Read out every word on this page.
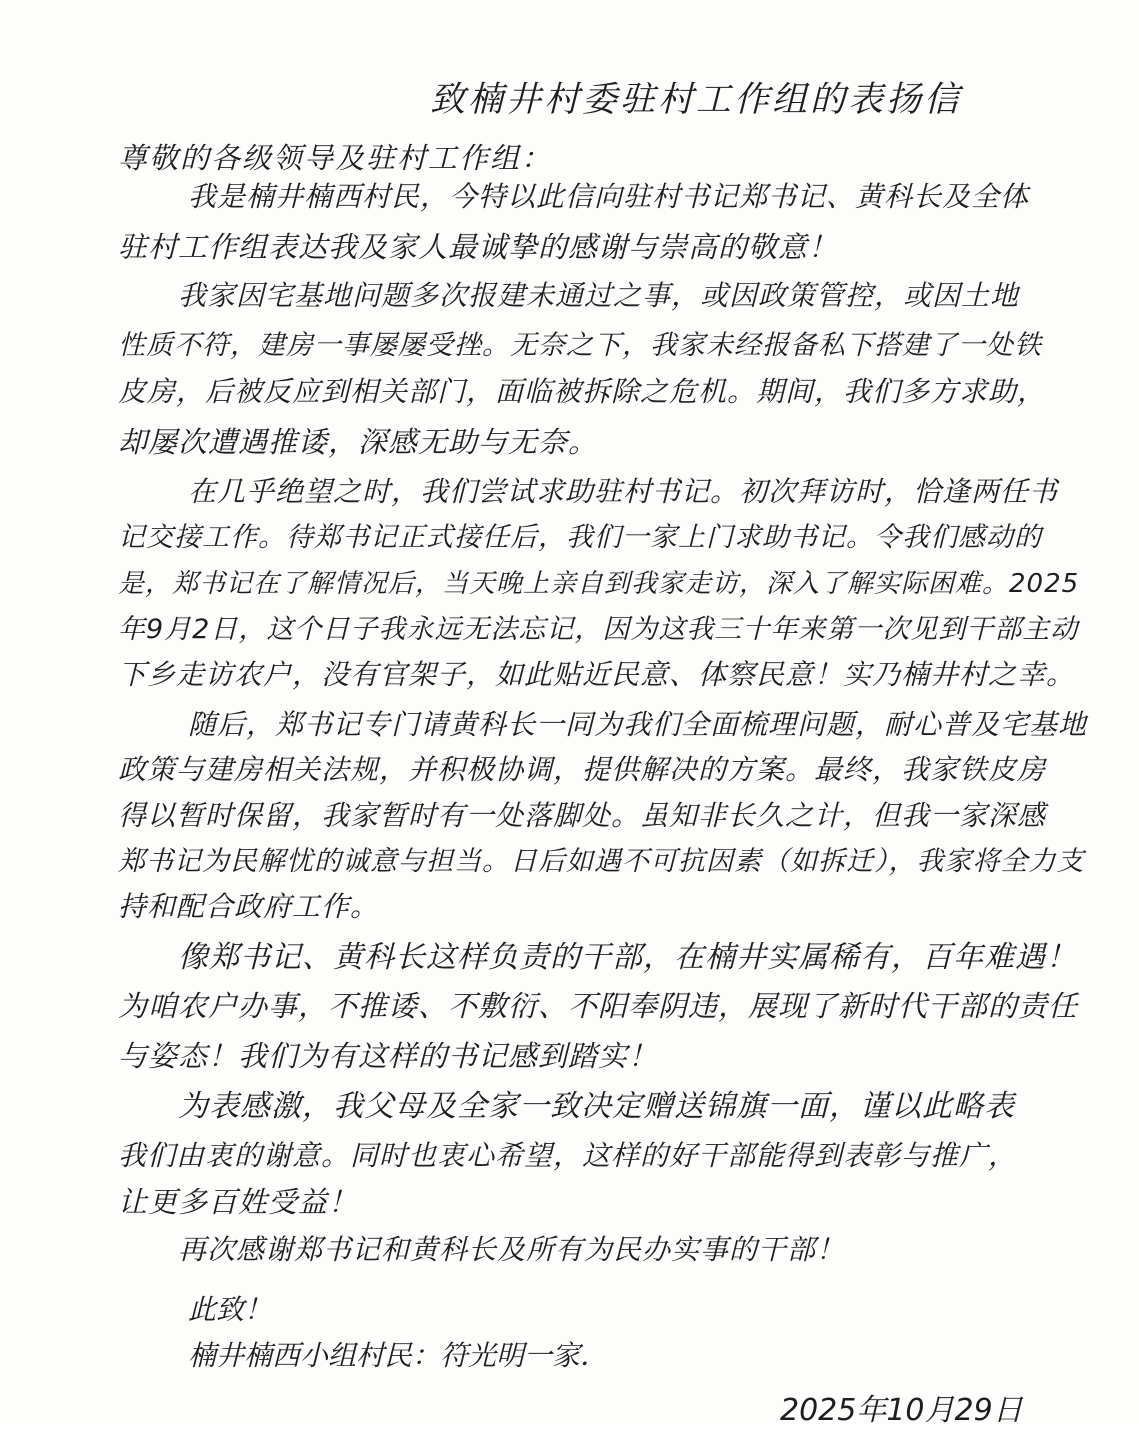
致楠井村委驻村工作组的表扬信
尊敬的各级领导及驻村工作组：
我是楠井楠西村民，今特以此信向驻村书记郑书记、黄科长及全体
驻村工作组表达我及家人最诚挚的感谢与崇高的敬意！
我家因宅基地问题多次报建未通过之事，或因政策管控，或因土地
性质不符，建房一事屡屡受挫。无奈之下，我家未经报备私下搭建了一处铁
皮房，后被反应到相关部门，面临被拆除之危机。期间，我们多方求助，
却屡次遭遇推诿，深感无助与无奈。
在几乎绝望之时，我们尝试求助驻村书记。初次拜访时，恰逢两任书
记交接工作。待郑书记正式接任后，我们一家上门求助书记。令我们感动的
是，郑书记在了解情况后，当天晚上亲自到我家走访，深入了解实际困难。2025
年9月2日，这个日子我永远无法忘记，因为这我三十年来第一次见到干部主动
下乡走访农户，没有官架子，如此贴近民意、体察民意！实乃楠井村之幸。
随后，郑书记专门请黄科长一同为我们全面梳理问题，耐心普及宅基地
政策与建房相关法规，并积极协调，提供解决的方案。最终，我家铁皮房
得以暂时保留，我家暂时有一处落脚处。虽知非长久之计，但我一家深感
郑书记为民解忧的诚意与担当。日后如遇不可抗因素（如拆迁），我家将全力支
持和配合政府工作。
像郑书记、黄科长这样负责的干部，在楠井实属稀有，百年难遇！
为咱农户办事，不推诿、不敷衍、不阳奉阴违，展现了新时代干部的责任
与姿态！我们为有这样的书记感到踏实！
为表感激，我父母及全家一致决定赠送锦旗一面，谨以此略表
我们由衷的谢意。同时也衷心希望，这样的好干部能得到表彰与推广，
让更多百姓受益！
再次感谢郑书记和黄科长及所有为民办实事的干部！
此致！
楠井楠西小组村民：符光明一家．
2025年10月29日
